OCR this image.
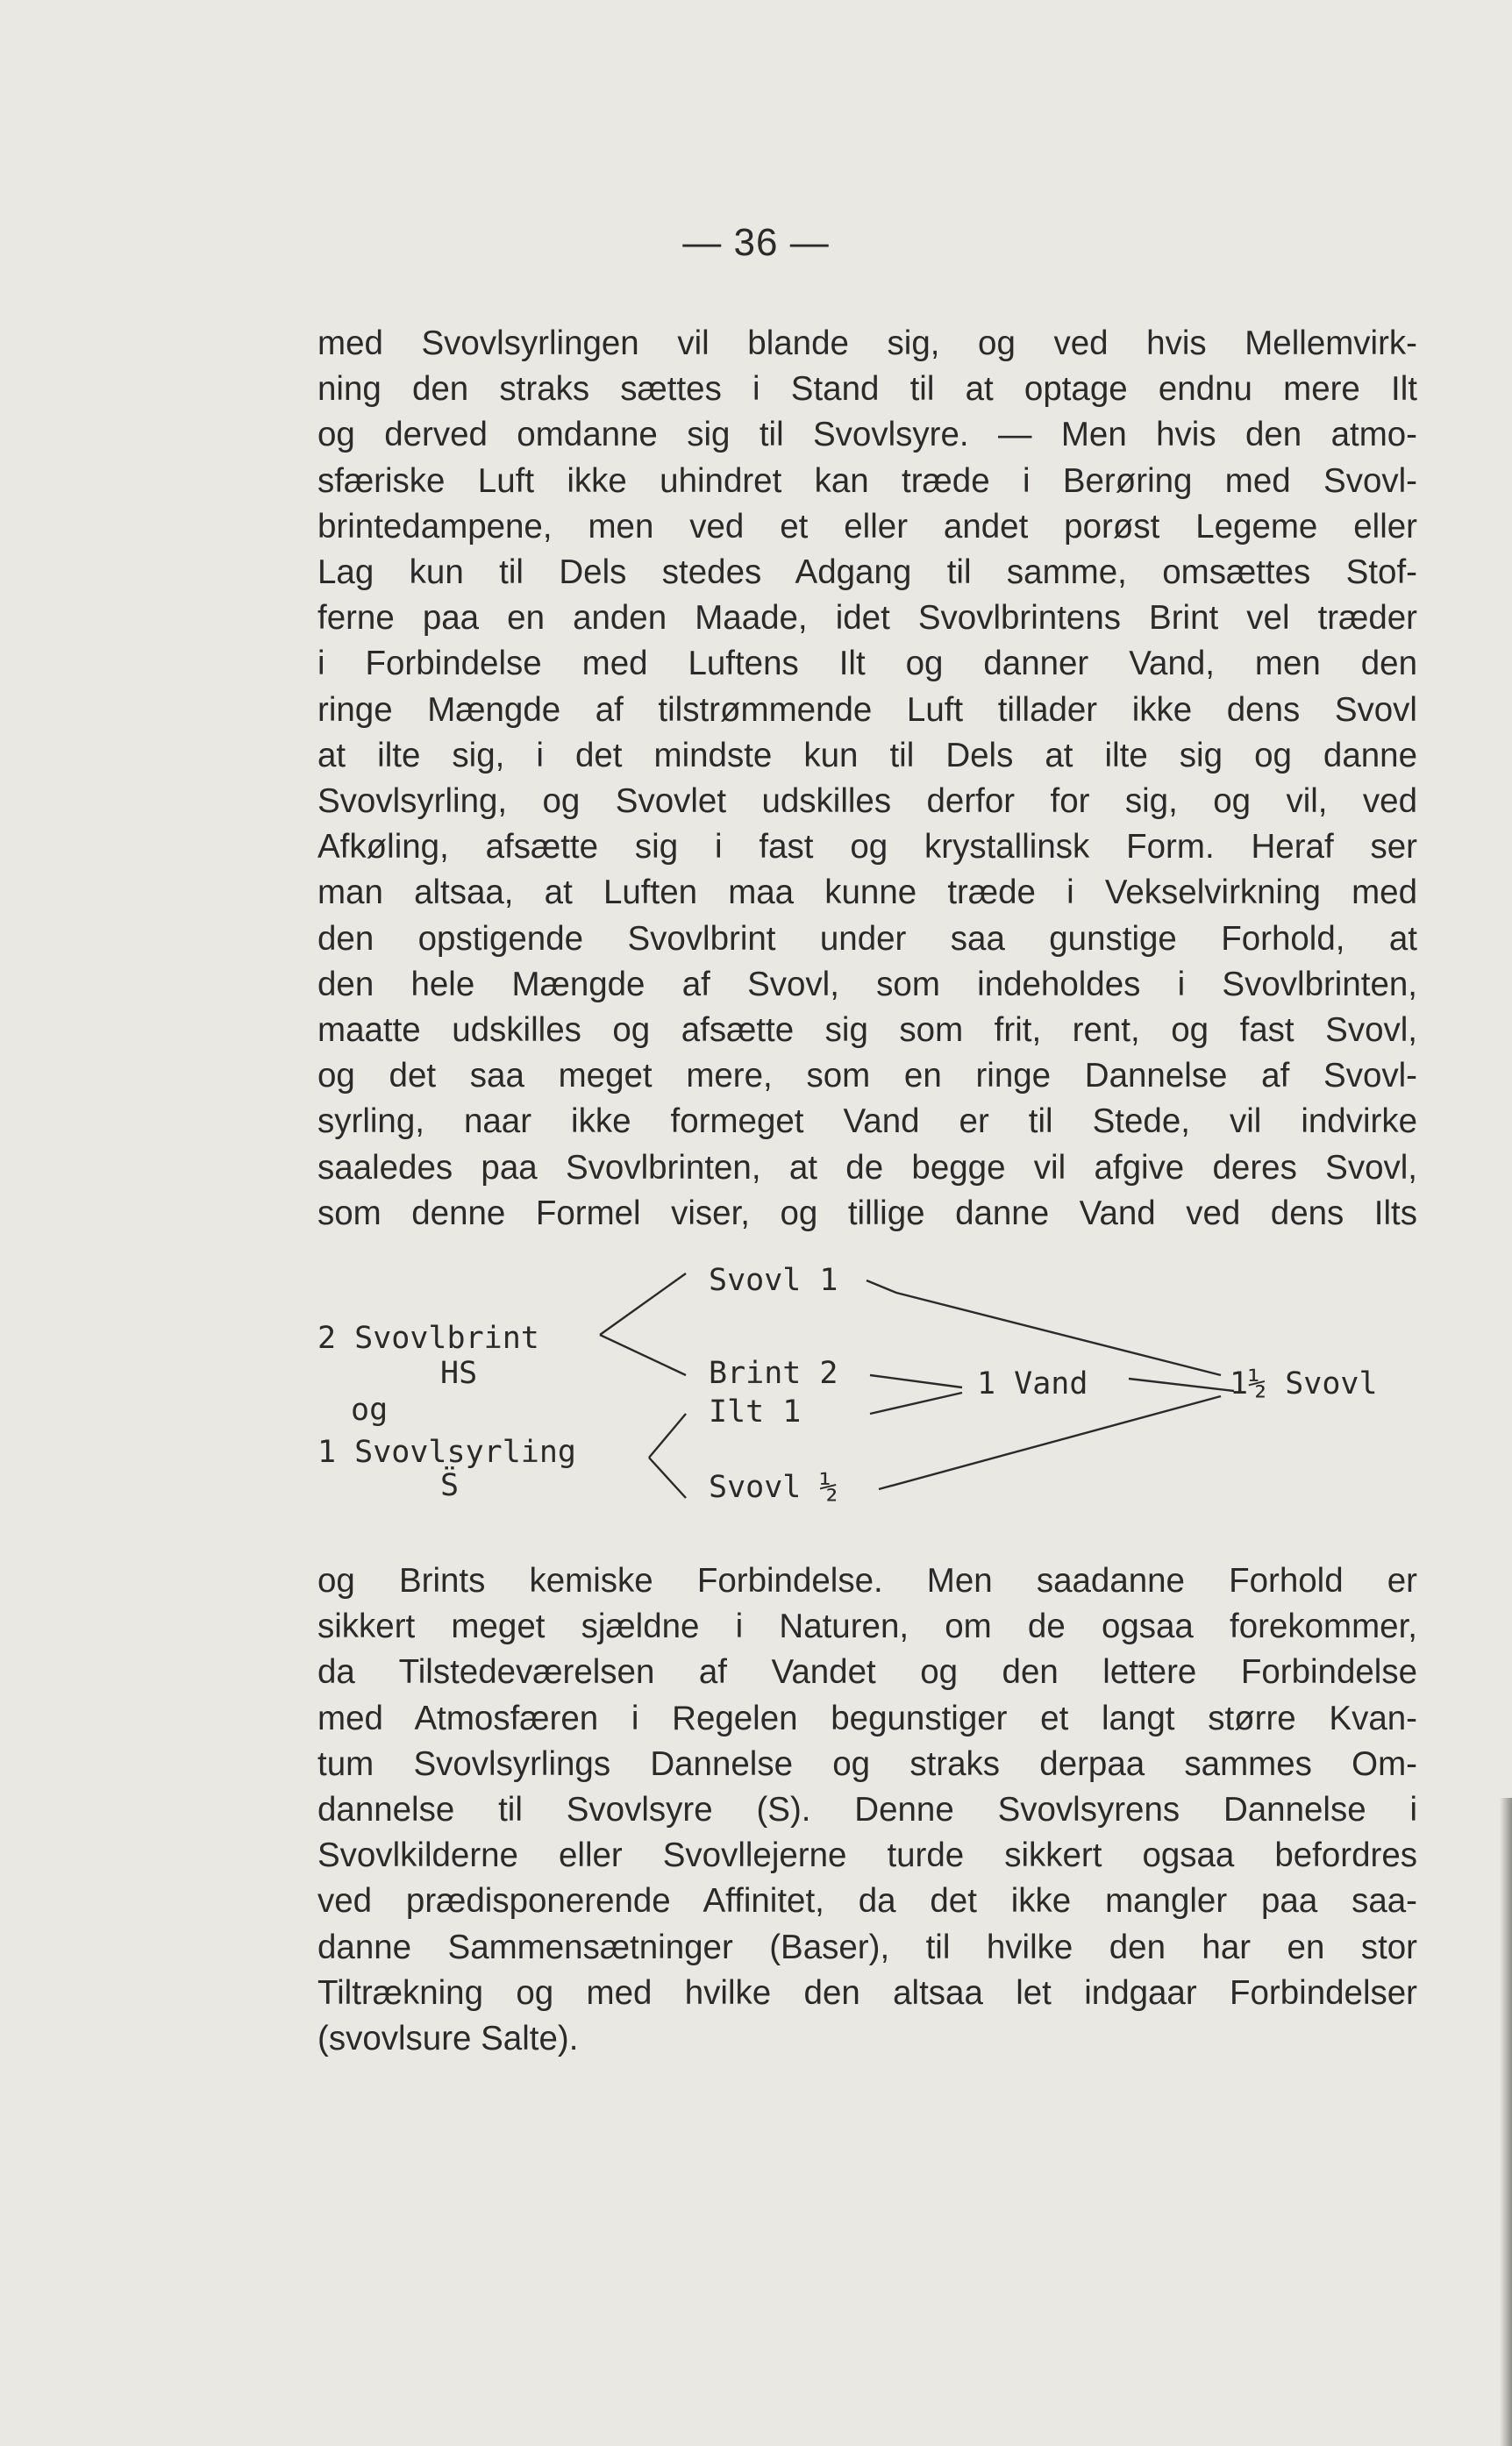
— 36 —
med Svovlsyrlingen vil blande sig, og ved hvis Mellemvirk-
ning den straks sættes i Stand til at optage endnu mere Ilt
og derved omdanne sig til Svovlsyre. — Men hvis den atmo-
sfæriske Luft ikke uhindret kan træde i Berøring med Svovl-
brintedampene, men ved et eller andet porøst Legeme eller
Lag kun til Dels stedes Adgang til samme, omsættes Stof-
ferne paa en anden Maade, idet Svovlbrintens Brint vel træder
i Forbindelse med Luftens Ilt og danner Vand, men den
ringe Mængde af tilstrømmende Luft tillader ikke dens Svovl
at ilte sig, i det mindste kun til Dels at ilte sig og danne
Svovlsyrling, og Svovlet udskilles derfor for sig, og vil, ved
Afkøling, afsætte sig i fast og krystallinsk Form. Heraf ser
man altsaa, at Luften maa kunne træde i Vekselvirkning med
den opstigende Svovlbrint under saa gunstige Forhold, at
den hele Mængde af Svovl, som indeholdes i Svovlbrinten,
maatte udskilles og afsætte sig som frit, rent, og fast Svovl,
og det saa meget mere, som en ringe Dannelse af Svovl-
syrling, naar ikke formeget Vand er til Stede, vil indvirke
saaledes paa Svovlbrinten, at de begge vil afgive deres Svovl,
som denne Formel viser, og tillige danne Vand ved dens Ilts
2 Svovlbrint
HS
og
1 Svovlsyrling
S̈
Svovl 1
Brint 2
Ilt 1
Svovl ½
1 Vand	1½ Svovl
og Brints kemiske Forbindelse. Men saadanne Forhold er
sikkert meget sjældne i Naturen, om de ogsaa forekommer,
da Tilstedeværelsen af Vandet og den lettere Forbindelse
med Atmosfæren i Regelen begunstiger et langt større Kvan-
tum Svovlsyrlings Dannelse og straks derpaa sammes Om-
dannelse til Svovlsyre (S). Denne Svovlsyrens Dannelse i
Svovlkilderne eller Svovllejerne turde sikkert ogsaa befordres
ved prædisponerende Affinitet, da det ikke mangler paa saa-
danne Sammensætninger (Baser), til hvilke den har en stor
Tiltrækning og med hvilke den altsaa let indgaar Forbindelser
(svovlsure Salte).
